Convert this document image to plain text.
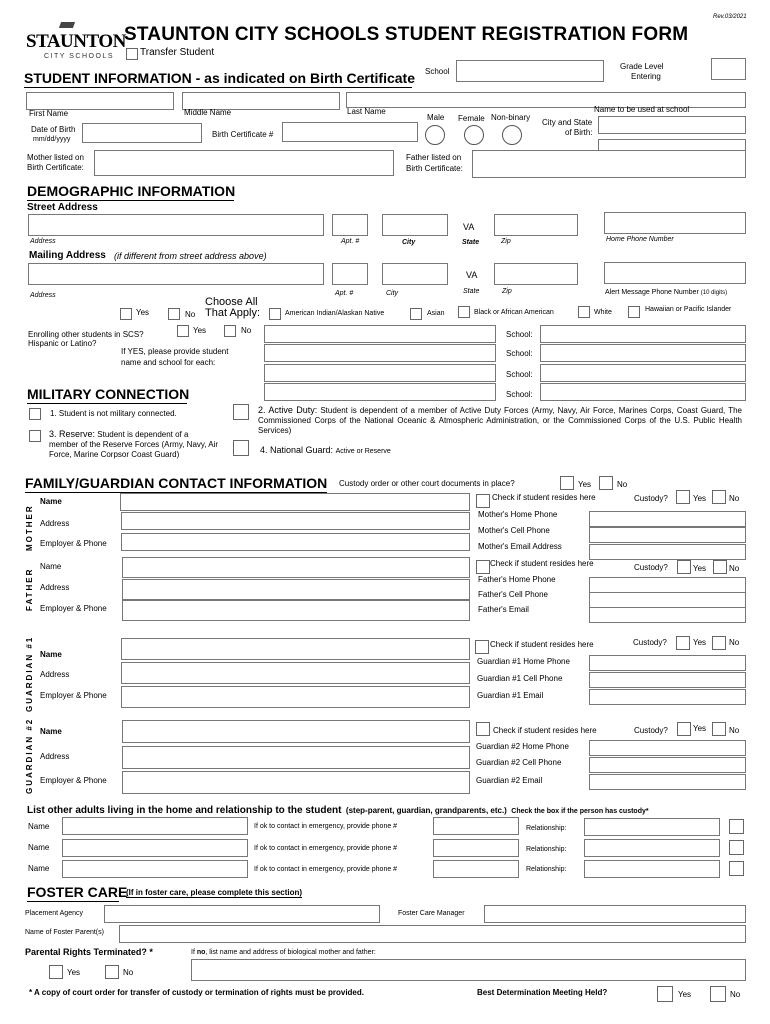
STAUNTON
CITY SCHOOLS
STAUNTON CITY SCHOOLS STUDENT REGISTRATION FORM
Rev.03/2021
Transfer Student
STUDENT INFORMATION - as indicated on Birth Certificate School
Grade Level
Entering
First Name	Middle Name	Last Name
Male Female Non-binary
Name to be used at school
City and State
of Birth:
Date of Birth
mm/dd/yyyy
Birth Certificate #
Mother listed on
Birth Certificate:
Father listed on
Birth Certificate:
DEMOGRAPHIC INFORMATION
Street Address
VA
Address	Apt. #	City	State	Zip	Home Phone Number
Mailing Address (if different from street address above)
VA
Address	Apt. #	City	State	Zip	Alert Message Phone Number (10 digits)
Hispanic or Latino?
Yes	No
Choose All
That Apply:	American Indian/Alaskan Native	Asian	Black or African American	White	Hawaiian or Pacific Islander
Enrolling other students in SCS?	Yes	No
If YES, please provide student
name and school for each:
School:
School:
School:
School:
MILITARY CONNECTION
1. Student is not military connected.	2. Active Duty: Student is dependent of a member of Active Duty Forces (Army, Navy, Air Force, Marines Corps, Coast Guard, The Commissioned Corps of the National Oceanic & Atmospheric Administration, or the Commissioned Corps of the U.S. Public Health Services)
3. Reserve: Student is dependent of a member of the Reserve Forces (Army, Navy, Air Force, Marine Corpsor Coast Guard)	4. National Guard: Active or Reserve
FAMILY/GUARDIAN CONTACT INFORMATION Custody order or other court documents in place?	Yes	No
MOTHER
Name
Address
Employer & Phone
Check if student resides here	Custody?	Yes	No
Mother's Home Phone
Mother's Cell Phone
Mother's Email Address
FATHER
Name
Address
Employer & Phone
Check if student resides here	Custody?	Yes	No
Father's Home Phone
Father's Cell Phone
Father's Email
GUARDIAN #1 Name
Address
Employer & Phone
Check if student resides here	Custody?	Yes	No
Guardian #1 Home Phone
Guardian #1 Cell Phone
Guardian #1 Email
GUARDIAN #2 Name
Address
Employer & Phone
Check if student resides here	Custody?	Yes	No
Guardian #2 Home Phone
Guardian #2 Cell Phone
Guardian #2 Email
List other adults living in the home and relationship to the student (step-parent, guardian, grandparents, etc.) Check the box if the person has custody*
Name	If ok to contact in emergency, provide phone #	Relationship:
Name	If ok to contact in emergency, provide phone #	Relationship:
Name	If ok to contact in emergency, provide phone #	Relationship:
FOSTER CARE
(If in foster care, please complete this section)
Placement Agency	Foster Care Manager
Name of Foster Parent(s)
Parental Rights Terminated? *	If no, list name and address of biological mother and father:
Yes	No
* A copy of court order for transfer of custody or termination of rights must be provided.	Best Determination Meeting Held?	Yes	No
